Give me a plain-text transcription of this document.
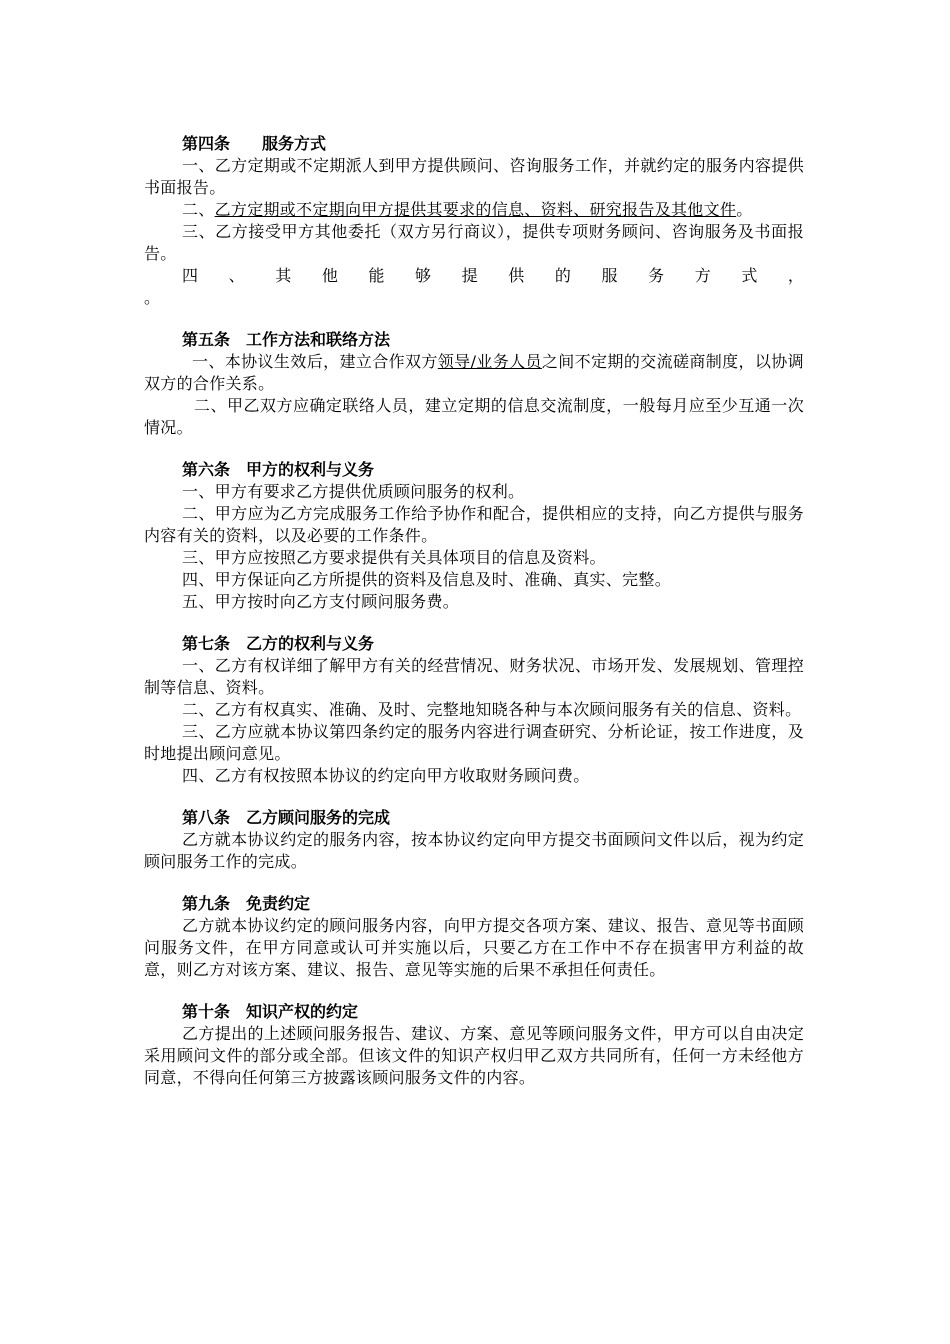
第四条 服务方式

一、乙方定期或不定期派人到甲方提供顾问、咨询服务工作，并就约定的服务内容提供书面报告。

二、乙方定期或不定期向甲方提供其要求的信息、资料、研究报告及其他文件。

三、乙方接受甲方其他委托（双方另行商议），提供专项财务顾问、咨询服务及书面报告。

四 、 其 他 能 够 提 供 的 服 务 方 式 ，

。

第五条 工作方法和联络方法

一、本协议生效后，建立合作双方领导/业务人员之间不定期的交流磋商制度，以协调双方的合作关系。

二、甲乙双方应确定联络人员，建立定期的信息交流制度，一般每月应至少互通一次情况。

第六条 甲方的权利与义务

一、甲方有要求乙方提供优质顾问服务的权利。

二、甲方应为乙方完成服务工作给予协作和配合，提供相应的支持，向乙方提供与服务内容有关的资料，以及必要的工作条件。

三、甲方应按照乙方要求提供有关具体项目的信息及资料。

四、甲方保证向乙方所提供的资料及信息及时、准确、真实、完整。

五、甲方按时向乙方支付顾问服务费。

第七条 乙方的权利与义务

一、乙方有权详细了解甲方有关的经营情况、财务状况、市场开发、发展规划、管理控制等信息、资料。

二、乙方有权真实、准确、及时、完整地知晓各种与本次顾问服务有关的信息、资料。

三、乙方应就本协议第四条约定的服务内容进行调查研究、分析论证，按工作进度，及时地提出顾问意见。

四、乙方有权按照本协议的约定向甲方收取财务顾问费。

第八条 乙方顾问服务的完成

乙方就本协议约定的服务内容，按本协议约定向甲方提交书面顾问文件以后，视为约定顾问服务工作的完成。

第九条 免责约定

乙方就本协议约定的顾问服务内容，向甲方提交各项方案、建议、报告、意见等书面顾问服务文件，在甲方同意或认可并实施以后，只要乙方在工作中不存在损害甲方利益的故意，则乙方对该方案、建议、报告、意见等实施的后果不承担任何责任。

第十条 知识产权的约定

乙方提出的上述顾问服务报告、建议、方案、意见等顾问服务文件，甲方可以自由决定采用顾问文件的部分或全部。但该文件的知识产权归甲乙双方共同所有，任何一方未经他方同意，不得向任何第三方披露该顾问服务文件的内容。
